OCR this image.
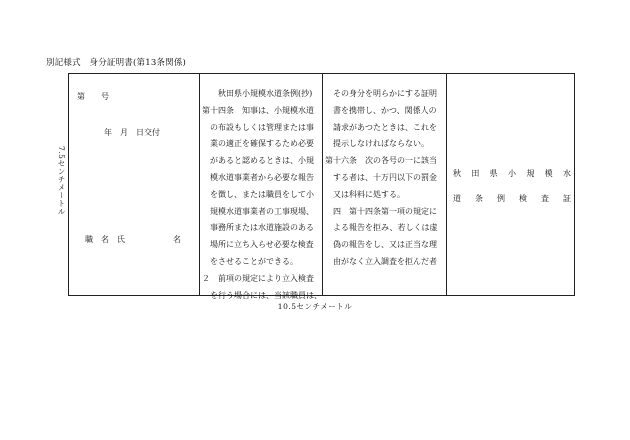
別記様式　身分証明書(第13条関係)
7.5センチメートル
第　　号
年　月　日交付
職　名　氏　　　　　　名
　　秋田県小規模水道条例(抄)
第十四条　知事は、小規模水道
　の布設もしくは管理または事
　業の適正を確保するため必要
　があると認めるときは、小規
　模水道事業者から必要な報告
　を徴し、または職員をして小
　規模水道事業者の工事現場、
　事務所または水道施設のある
　場所に立ち入らせ必要な検査
　をさせることができる。
２　前項の規定により立入検査
　を行う場合には、当該職員は、
　その身分を明らかにする証明
　書を携帯し、かつ、関係人の
　請求があつたときは、これを
　提示しなければならない。
第十六条　次の各号の一に該当
　する者は、十万円以下の罰金
　又は科料に処する。
　四　第十四条第一項の規定に
　よる報告を拒み、若しくは虚
　偽の報告をし、又は正当な理
　由がなく立入調査を拒んだ者
秋 田 県 小 規 模 水
道 条 例 検 査 証
10.5センチメートル
